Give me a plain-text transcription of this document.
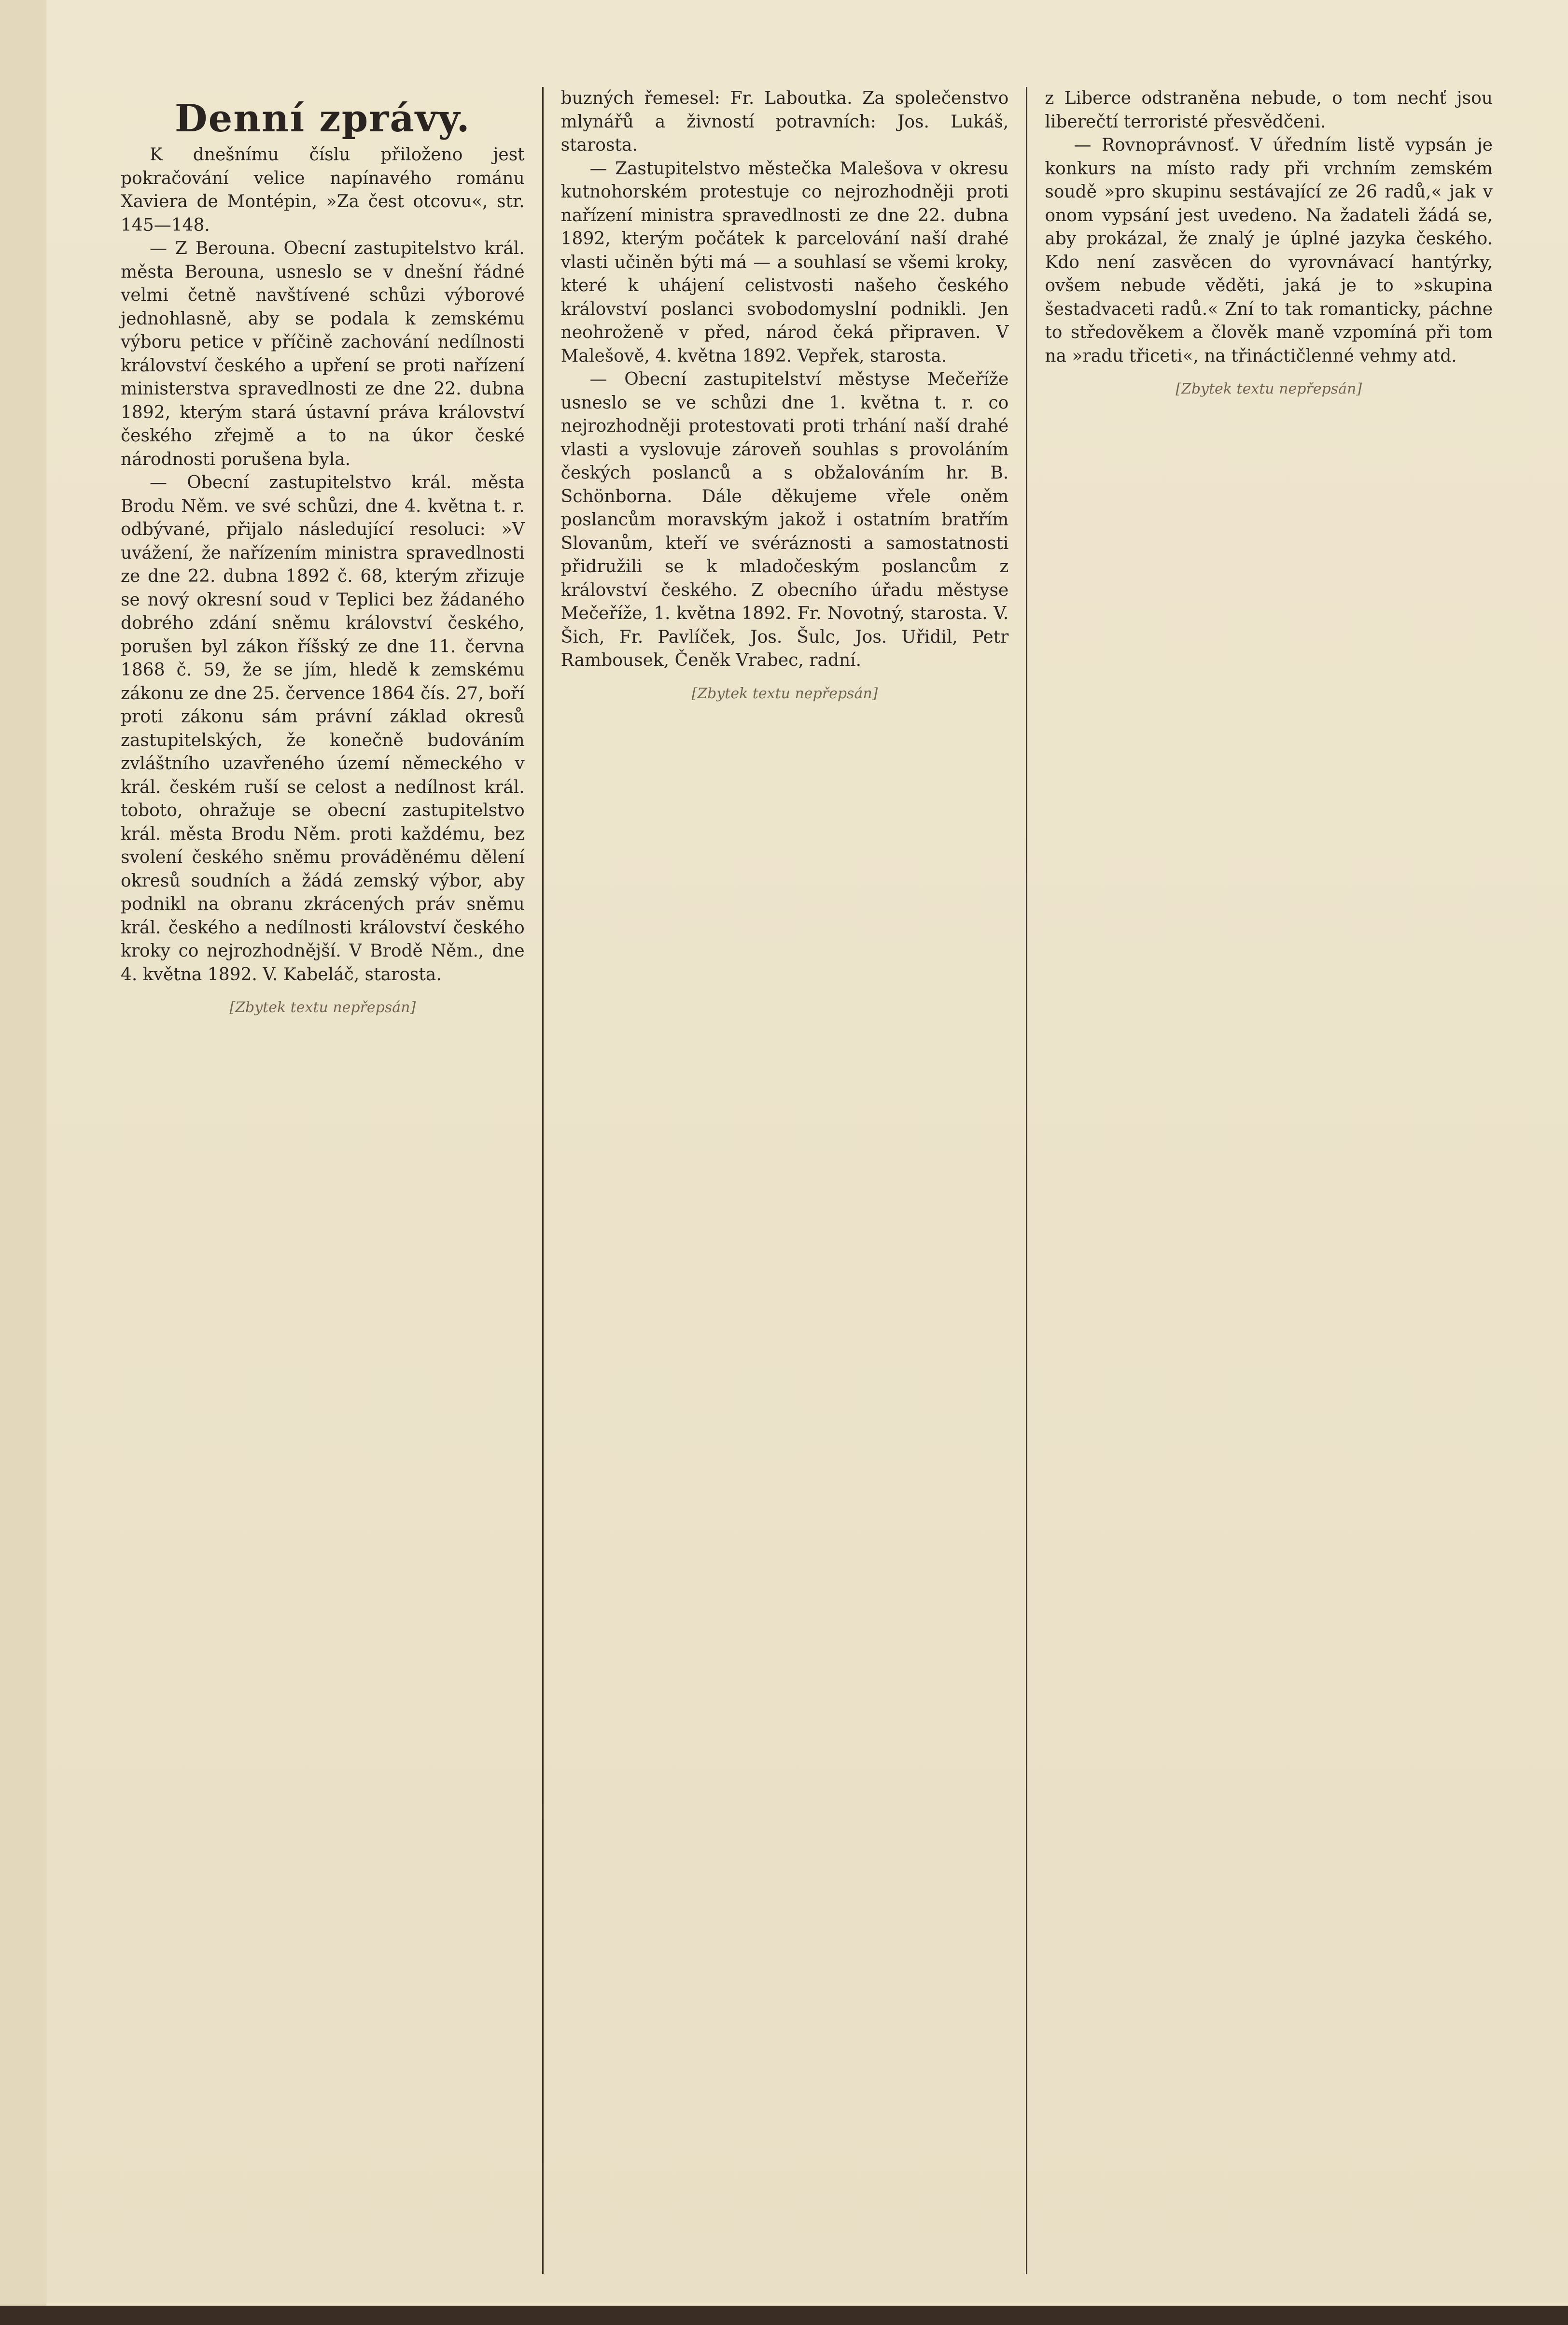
Denní zprávy.

K dnešnímu číslu přiloženo jest pokračování velice napínavého románu Xaviera de Montépin, »Za čest otcovu«, str. 145—148.

— Z Berouna. Obecní zastupitelstvo král. města Berouna, usneslo se v dnešní řádné velmi četně navštívené schůzi výborové jednohlasně, aby se podala k zemskému výboru petice v příčině zachování nedílnosti království českého a upření se proti nařízení ministerstva spravedlnosti ze dne 22. dubna 1892, kterým stará ústavní práva království českého zřejmě a to na úkor české národnosti porušena byla.

— Obecní zastupitelstvo král. města Brodu Něm. ve své schůzi, dne 4. května t. r. odbývané, přijalo následující resoluci: »V uvážení, že nařízením ministra spravedlnosti ze dne 22. dubna 1892 č. 68, kterým zřizuje se nový okresní soud v Teplici bez žádaného dobrého zdání sněmu království českého, porušen byl zákon říšský ze dne 11. června 1868 č. 59, že se jím, hledě k zemskému zákonu ze dne 25. července 1864 čís. 27, boří proti zákonu sám právní základ okresů zastupitelských, že konečně budováním zvláštního uzavřeného území německého v král. českém ruší se celost a nedílnost král. toboto, ohražuje se obecní zastupitelstvo král. města Brodu Něm. proti každému, bez svolení českého sněmu prováděnému dělení okresů soudních a žádá zemský výbor, aby podnikl na obranu zkrácených práv sněmu král. českého a nedílnosti království českého kroky co nejrozhodnější. V Brodě Něm., dne 4. května 1892. V. Kabeláč, starosta.

[Zbytek textu nepřepsán]

buzných řemesel: Fr. Laboutka. Za společenstvo mlynářů a živností potravních: Jos. Lukáš, starosta.

— Zastupitelstvo městečka Malešova v okresu kutnohorském protestuje co nejrozhodněji proti nařízení ministra spravedlnosti ze dne 22. dubna 1892, kterým počátek k parcelování naší drahé vlasti učiněn býti má — a souhlasí se všemi kroky, které k uhájení celistvosti našeho českého království poslanci svobodomyslní podnikli. Jen neohroženě v před, národ čeká připraven. V Malešově, 4. května 1892. Vepřek, starosta.

— Obecní zastupitelství městyse Mečeříže usneslo se ve schůzi dne 1. května t. r. co nejrozhodněji protestovati proti trhání naší drahé vlasti a vyslovuje zároveň souhlas s provoláním českých poslanců a s obžalováním hr. B. Schönborna. Dále děkujeme vřele oněm poslancům moravským jakož i ostatním bratřím Slovanům, kteří ve svéráznosti a samostatnosti přidružili se k mladočeským poslancům z království českého. Z obecního úřadu městyse Mečeříže, 1. května 1892. Fr. Novotný, starosta. V. Šich, Fr. Pavlíček, Jos. Šulc, Jos. Uřidil, Petr Rambousek, Čeněk Vrabec, radní.

[Zbytek textu nepřepsán]

z Liberce odstraněna nebude, o tom nechť jsou liberečtí terroristé přesvědčeni.

— Rovnoprávnosť. V úředním listě vypsán je konkurs na místo rady při vrchním zemském soudě »pro skupinu sestávající ze 26 radů,« jak v onom vypsání jest uvedeno. Na žadateli žádá se, aby prokázal, že znalý je úplné jazyka českého. Kdo není zasvěcen do vyrovnávací hantýrky, ovšem nebude věděti, jaká je to »skupina šestadvaceti radů.« Zní to tak romanticky, páchne to středověkem a člověk maně vzpomíná při tom na »radu třiceti«, na třináctičlenné vehmy atd.

[Zbytek textu nepřepsán]
